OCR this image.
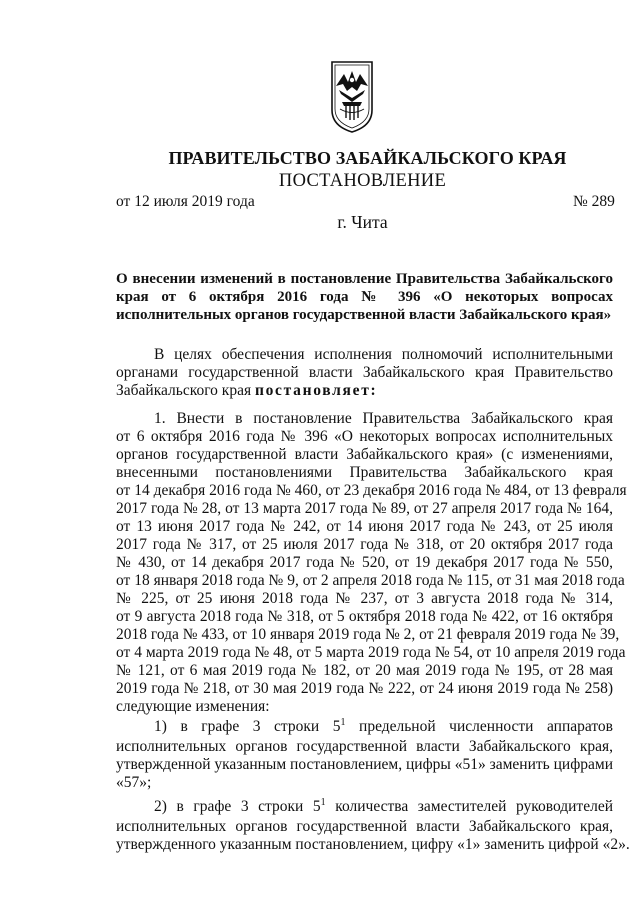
ПРАВИТЕЛЬСТВО ЗАБАЙКАЛЬСКОГО КРАЯ
ПОСТАНОВЛЕНИЕ
от 12 июля 2019 года	№ 289
г. Чита
О внесении изменений в постановление Правительства Забайкальского
края от 6 октября 2016 года № 396 «О некоторых вопросах
исполнительных органов государственной власти Забайкальского края»
В целях обеспечения исполнения полномочий исполнительными
органами государственной власти Забайкальского края Правительство
Забайкальского края постановляет:
1. Внести в постановление Правительства Забайкальского края
от 6 октября 2016 года № 396 «О некоторых вопросах исполнительных
органов государственной власти Забайкальского края» (с изменениями,
внесенными постановлениями Правительства Забайкальского края
от 14 декабря 2016 года № 460, от 23 декабря 2016 года № 484, от 13 февраля
2017 года № 28, от 13 марта 2017 года № 89, от 27 апреля 2017 года № 164,
от 13 июня 2017 года № 242, от 14 июня 2017 года № 243, от 25 июля
2017 года № 317, от 25 июля 2017 года № 318, от 20 октября 2017 года
№ 430, от 14 декабря 2017 года № 520, от 19 декабря 2017 года № 550,
от 18 января 2018 года № 9, от 2 апреля 2018 года № 115, от 31 мая 2018 года
№ 225, от 25 июня 2018 года № 237, от 3 августа 2018 года № 314,
от 9 августа 2018 года № 318, от 5 октября 2018 года № 422, от 16 октября
2018 года № 433, от 10 января 2019 года № 2, от 21 февраля 2019 года № 39,
от 4 марта 2019 года № 48, от 5 марта 2019 года № 54, от 10 апреля 2019 года
№ 121, от 6 мая 2019 года № 182, от 20 мая 2019 года № 195, от 28 мая
2019 года № 218, от 30 мая 2019 года № 222, от 24 июня 2019 года № 258)
следующие изменения:
1) в графе 3 строки $5^1$ предельной численности аппаратов
исполнительных органов государственной власти Забайкальского края,
утвержденной указанным постановлением, цифры «51» заменить цифрами
«57»;
2) в графе 3 строки $5^1$ количества заместителей руководителей
исполнительных органов государственной власти Забайкальского края,
утвержденного указанным постановлением, цифру «1» заменить цифрой «2».
